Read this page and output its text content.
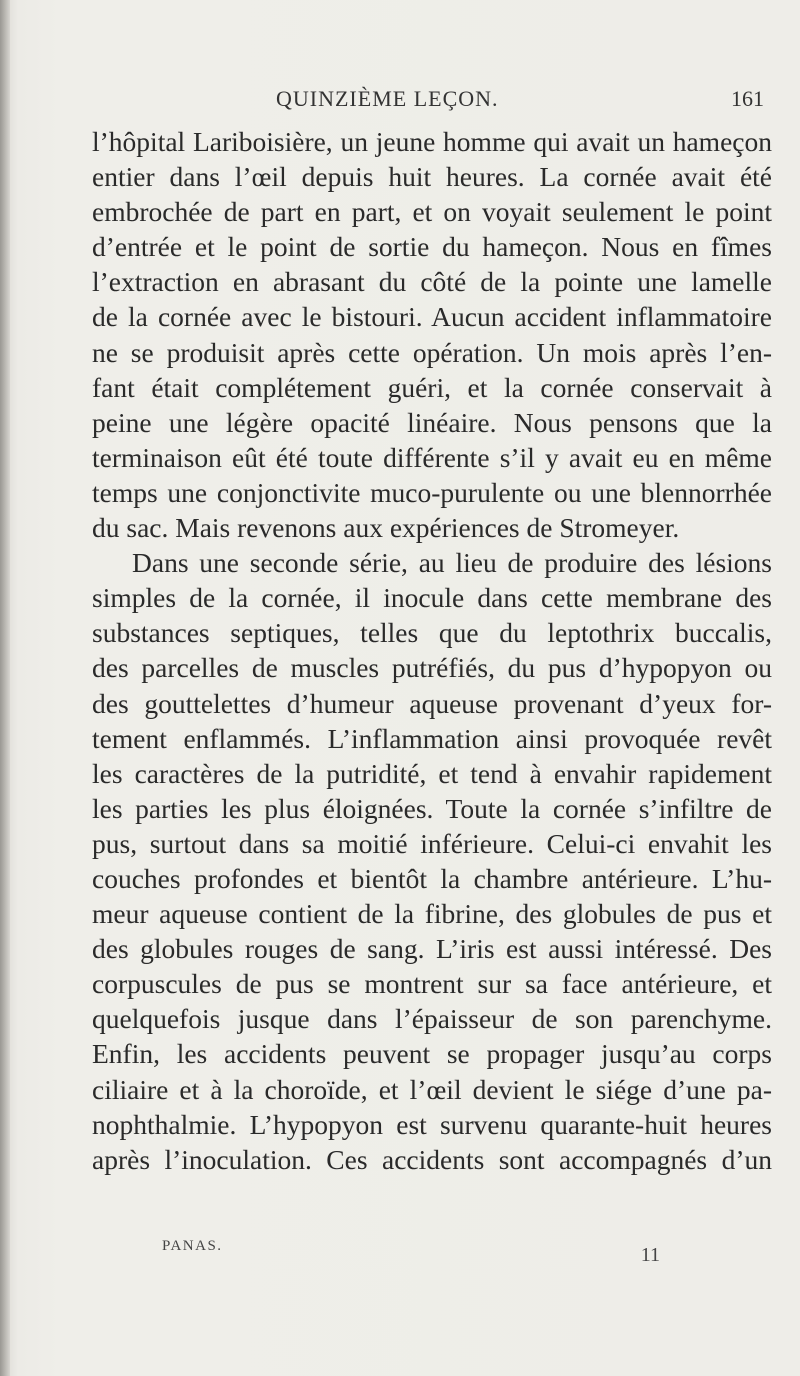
QUINZIÈME LEÇON.	161
l’hôpital Lariboisière, un jeune homme qui avait un hameçon
entier dans l’œil depuis huit heures. La cornée avait été
embrochée de part en part, et on voyait seulement le point
d’entrée et le point de sortie du hameçon. Nous en fîmes
l’extraction en abrasant du côté de la pointe une lamelle
de la cornée avec le bistouri. Aucun accident inflammatoire
ne se produisit après cette opération. Un mois après l’en-
fant était complétement guéri, et la cornée conservait à
peine une légère opacité linéaire. Nous pensons que la
terminaison eût été toute différente s’il y avait eu en même
temps une conjonctivite muco-purulente ou une blennorrhée
du sac. Mais revenons aux expériences de Stromeyer.
Dans une seconde série, au lieu de produire des lésions
simples de la cornée, il inocule dans cette membrane des
substances septiques, telles que du leptothrix buccalis,
des parcelles de muscles putréfiés, du pus d’hypopyon ou
des gouttelettes d’humeur aqueuse provenant d’yeux for-
tement enflammés. L’inflammation ainsi provoquée revêt
les caractères de la putridité, et tend à envahir rapidement
les parties les plus éloignées. Toute la cornée s’infiltre de
pus, surtout dans sa moitié inférieure. Celui-ci envahit les
couches profondes et bientôt la chambre antérieure. L’hu-
meur aqueuse contient de la fibrine, des globules de pus et
des globules rouges de sang. L’iris est aussi intéressé. Des
corpuscules de pus se montrent sur sa face antérieure, et
quelquefois jusque dans l’épaisseur de son parenchyme.
Enfin, les accidents peuvent se propager jusqu’au corps
ciliaire et à la choroïde, et l’œil devient le siége d’une pa-
nophthalmie. L’hypopyon est survenu quarante-huit heures
après l’inoculation. Ces accidents sont accompagnés d’un
PANAS.	11
